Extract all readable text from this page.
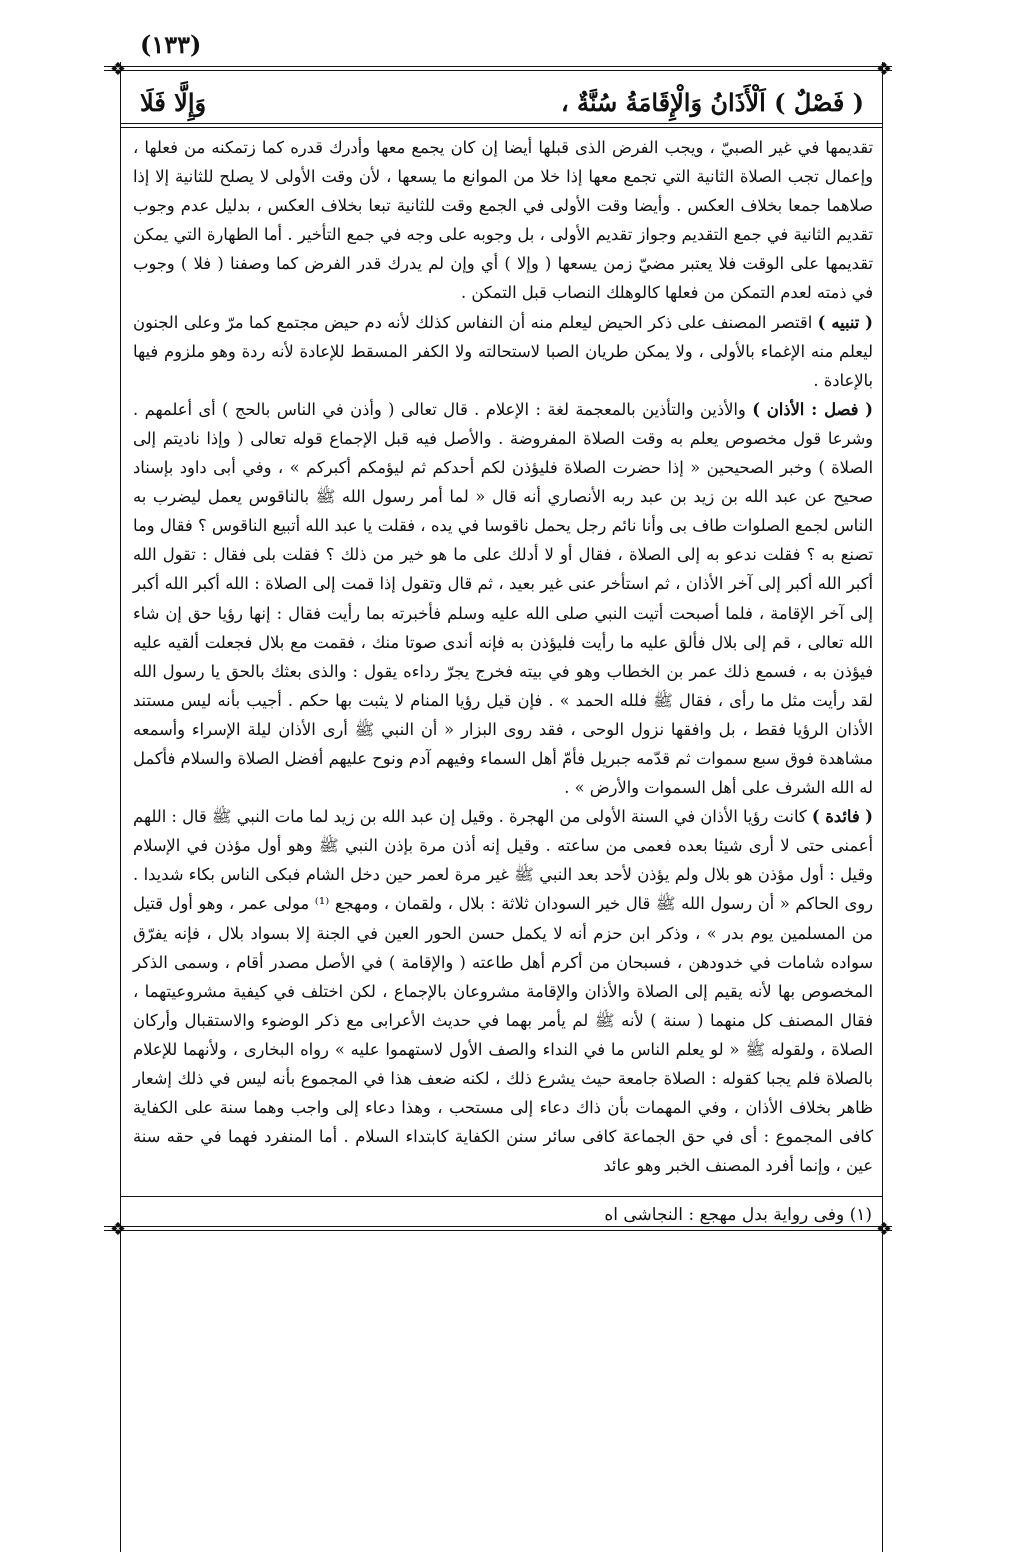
(١٣٣)
❖	❖
❖	❖
( فَصْلٌ ) اَلْأَذَانُ وَالْإِقَامَةُ سُنَّةٌ ،
وَإِلَّا فَلَا

تقديمها في غير الصبيّ ، ويجب الفرض الذى قبلها أيضا إن كان يجمع معها وأدرك قدره كما زتمكنه من فعلها ، وإعمال تجب الصلاة الثانية التي تجمع معها إذا خلا من الموانع ما يسعها ، لأن وقت الأولى لا يصلح للثانية إلا إذا صلاهما جمعا بخلاف العكس . وأيضا وقت الأولى في الجمع وقت للثانية تبعا بخلاف العكس ، بدليل عدم وجوب تقديم الثانية في جمع التقديم وجواز تقديم الأولى ، بل وجوبه على وجه في جمع التأخير . أما الطهارة التي يمكن تقديمها على الوقت فلا يعتبر مضيّ زمن يسعها ( وإلا ) أي وإن لم يدرك قدر الفرض كما وصفنا ( فلا ) وجوب في ذمته لعدم التمكن من فعلها كالوهلك النصاب قبل التمكن .

( تنبيه ) اقتصر المصنف على ذكر الحيض ليعلم منه أن النفاس كذلك لأنه دم حيض مجتمع كما مرّ وعلى الجنون ليعلم منه الإغماء بالأولى ، ولا يمكن طريان الصبا لاستحالته ولا الكفر المسقط للإعادة لأنه ردة وهو ملزوم فيها بالإعادة .

( فصل : الأذان ) والأذين والتأذين بالمعجمة لغة : الإعلام . قال تعالى ( وأذن في الناس بالحج ) أى أعلمهم . وشرعا قول مخصوص يعلم به وقت الصلاة المفروضة . والأصل فيه قبل الإجماع قوله تعالى ( وإذا ناديتم إلى الصلاة ) وخبر الصحيحين « إذا حضرت الصلاة فليؤذن لكم أحدكم ثم ليؤمكم أكبركم » ، وفي أبى داود بإسناد صحيح عن عبد الله بن زيد بن عبد ربه الأنصاري أنه قال « لما أمر رسول الله ﷺ بالناقوس يعمل ليضرب به الناس لجمع الصلوات طاف بى وأنا نائم رجل يحمل ناقوسا في يده ، فقلت يا عبد الله أتبيع الناقوس ؟ فقال وما تصنع به ؟ فقلت ندعو به إلى الصلاة ، فقال أو لا أدلك على ما هو خير من ذلك ؟ فقلت بلى فقال : تقول الله أكبر الله أكبر إلى آخر الأذان ، ثم استأخر عنى غير بعيد ، ثم قال وتقول إذا قمت إلى الصلاة : الله أكبر الله أكبر إلى آخر الإقامة ، فلما أصبحت أتيت النبي صلى الله عليه وسلم فأخبرته بما رأيت فقال : إنها رؤيا حق إن شاء الله تعالى ، قم إلى بلال فألق عليه ما رأيت فليؤذن به فإنه أندى صوتا منك ، فقمت مع بلال فجعلت ألقيه عليه فيؤذن به ، فسمع ذلك عمر بن الخطاب وهو في بيته فخرج يجرّ رداءه يقول : والذى بعثك بالحق يا رسول الله لقد رأيت مثل ما رأى ، فقال ﷺ فلله الحمد » . فإن قيل رؤيا المنام لا يثبت بها حكم . أجيب بأنه ليس مستند الأذان الرؤيا فقط ، بل وافقها نزول الوحى ، فقد روى البزار « أن النبي ﷺ أرى الأذان ليلة الإسراء وأسمعه مشاهدة فوق سبع سموات ثم قدّمه جبريل فأمّ أهل السماء وفيهم آدم ونوح عليهم أفضل الصلاة والسلام فأكمل له الله الشرف على أهل السموات والأرض » .

( فائدة ) كانت رؤيا الأذان في السنة الأولى من الهجرة . وقيل إن عبد الله بن زيد لما مات النبي ﷺ قال : اللهم أعمنى حتى لا أرى شيئا بعده فعمى من ساعته . وقيل إنه أذن مرة بإذن النبي ﷺ وهو أول مؤذن في الإسلام وقيل : أول مؤذن هو بلال ولم يؤذن لأحد بعد النبي ﷺ غير مرة لعمر حين دخل الشام فبكى الناس بكاء شديدا . روى الحاكم « أن رسول الله ﷺ قال خير السودان ثلاثة : بلال ، ولقمان ، ومهجع ⁽¹⁾ مولى عمر ، وهو أول قتيل من المسلمين يوم بدر » ، وذكر ابن حزم أنه لا يكمل حسن الحور العين في الجنة إلا بسواد بلال ، فإنه يفرّق سواده شامات في خدودهن ، فسبحان من أكرم أهل طاعته ( والإقامة ) في الأصل مصدر أقام ، وسمى الذكر المخصوص بها لأنه يقيم إلى الصلاة والأذان والإقامة مشروعان بالإجماع ، لكن اختلف في كيفية مشروعيتهما ، فقال المصنف كل منهما ( سنة ) لأنه ﷺ لم يأمر بهما في حديث الأعرابى مع ذكر الوضوء والاستقبال وأركان الصلاة ، ولقوله ﷺ « لو يعلم الناس ما في النداء والصف الأول لاستهموا عليه » رواه البخارى ، ولأنهما للإعلام بالصلاة فلم يجبا كقوله : الصلاة جامعة حيث يشرع ذلك ، لكنه ضعف هذا في المجموع بأنه ليس في ذلك إشعار ظاهر بخلاف الأذان ، وفي المهمات بأن ذاك دعاء إلى مستحب ، وهذا دعاء إلى واجب وهما سنة على الكفاية كافى المجموع : أى في حق الجماعة كافى سائر سنن الكفاية كابتداء السلام . أما المنفرد فهما في حقه سنة عين ، وإنما أفرد المصنف الخبر وهو عائد

(١) وفى رواية بدل مهجع : النجاشى اه
